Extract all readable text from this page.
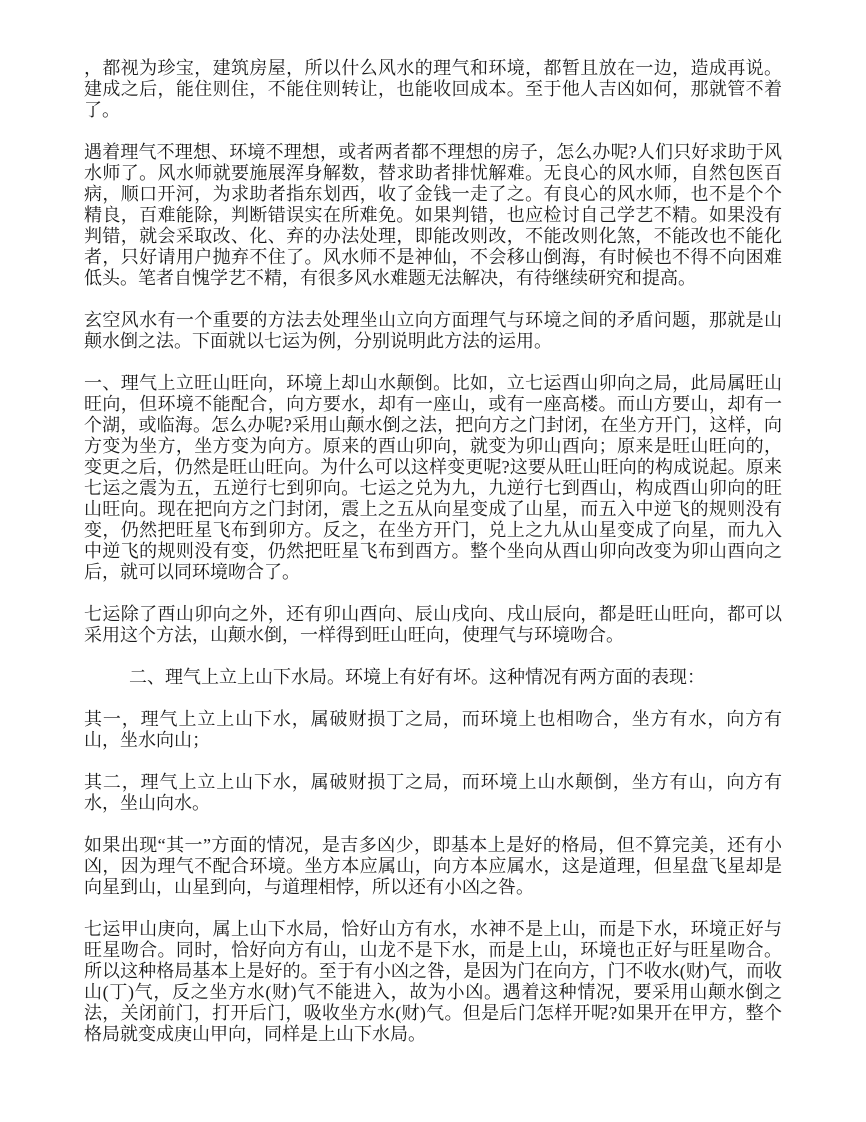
，都视为珍宝，建筑房屋，所以什么风水的理气和环境，都暂且放在一边，造成再说。建成之后，能住则住，不能住则转让，也能收回成本。至于他人吉凶如何，那就管不着了。

遇着理气不理想、环境不理想，或者两者都不理想的房子，怎么办呢?人们只好求助于风水师了。风水师就要施展浑身解数，替求助者排忧解难。无良心的风水师，自然包医百病，顺口开河，为求助者指东划西，收了金钱一走了之。有良心的风水师，也不是个个精良，百难能除，判断错误实在所难免。如果判错，也应检讨自己学艺不精。如果没有判错，就会采取改、化、弃的办法处理，即能改则改，不能改则化煞，不能改也不能化者，只好请用户抛弃不住了。风水师不是神仙，不会移山倒海，有时候也不得不向困难低头。笔者自愧学艺不精，有很多风水难题无法解决，有待继续研究和提高。

玄空风水有一个重要的方法去处理坐山立向方面理气与环境之间的矛盾问题，那就是山颠水倒之法。下面就以七运为例，分别说明此方法的运用。

一、理气上立旺山旺向，环境上却山水颠倒。比如，立七运酉山卯向之局，此局属旺山旺向，但环境不能配合，向方要水，却有一座山，或有一座高楼。而山方要山，却有一个湖，或临海。怎么办呢?采用山颠水倒之法，把向方之门封闭，在坐方开门，这样，向方变为坐方，坐方变为向方。原来的酉山卯向，就变为卯山酉向；原来是旺山旺向的，变更之后，仍然是旺山旺向。为什么可以这样变更呢?这要从旺山旺向的构成说起。原来七运之震为五，五逆行七到卯向。七运之兑为九，九逆行七到酉山，构成酉山卯向的旺山旺向。现在把向方之门封闭，震上之五从向星变成了山星，而五入中逆飞的规则没有变，仍然把旺星飞布到卯方。反之，在坐方开门，兑上之九从山星变成了向星，而九入中逆飞的规则没有变，仍然把旺星飞布到酉方。整个坐向从酉山卯向改变为卯山酉向之后，就可以同环境吻合了。

七运除了酉山卯向之外，还有卯山酉向、辰山戌向、戌山辰向，都是旺山旺向，都可以采用这个方法，山颠水倒，一样得到旺山旺向，使理气与环境吻合。

二、理气上立上山下水局。环境上有好有坏。这种情况有两方面的表现：

其一，理气上立上山下水，属破财损丁之局，而环境上也相吻合，坐方有水，向方有山，坐水向山；

其二，理气上立上山下水，属破财损丁之局，而环境上山水颠倒，坐方有山，向方有水，坐山向水。

如果出现“其一”方面的情况，是吉多凶少，即基本上是好的格局，但不算完美，还有小凶，因为理气不配合环境。坐方本应属山，向方本应属水，这是道理，但星盘飞星却是向星到山，山星到向，与道理相悖，所以还有小凶之咎。

七运甲山庚向，属上山下水局，恰好山方有水，水神不是上山，而是下水，环境正好与旺星吻合。同时，恰好向方有山，山龙不是下水，而是上山，环境也正好与旺星吻合。所以这种格局基本上是好的。至于有小凶之咎，是因为门在向方，门不收水(财)气，而收山(丁)气，反之坐方水(财)气不能进入，故为小凶。遇着这种情况，要采用山颠水倒之法，关闭前门，打开后门，吸收坐方水(财)气。但是后门怎样开呢?如果开在甲方，整个格局就变成庚山甲向，同样是上山下水局。
